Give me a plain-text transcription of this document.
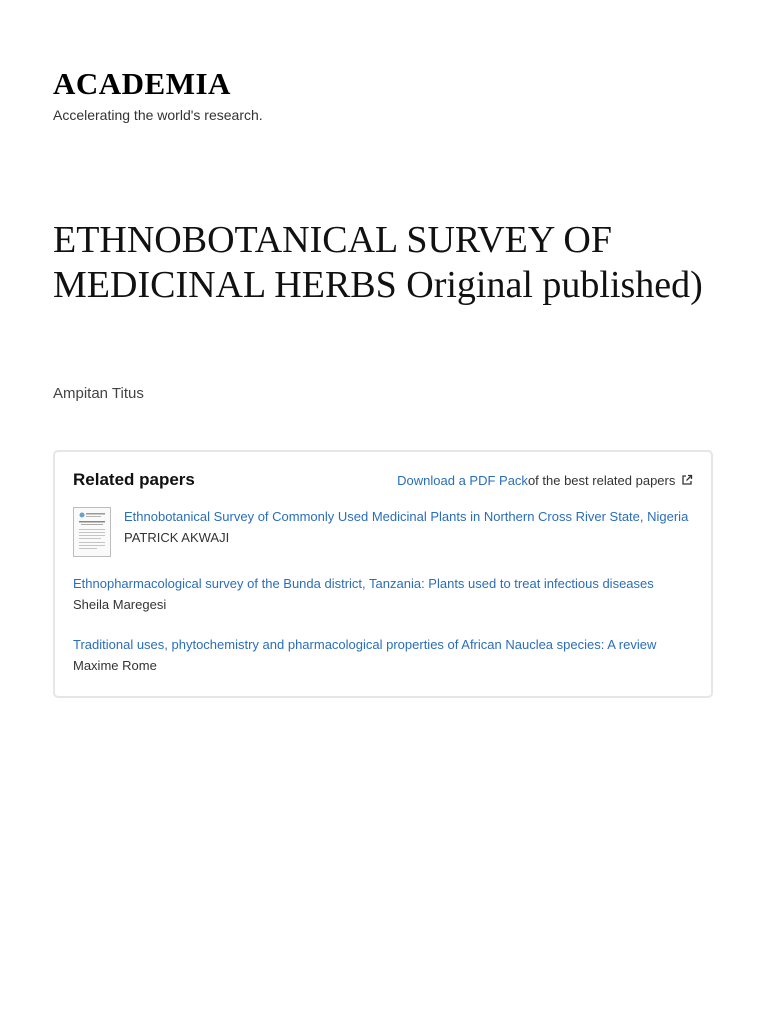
ACADEMIA
Accelerating the world's research.
ETHNOBOTANICAL SURVEY OF MEDICINAL HERBS Original published)
Ampitan Titus
Related papers	Download a PDF Packof the best related papers
Ethnobotanical Survey of Commonly Used Medicinal Plants in Northern Cross River State, Nigeria
PATRICK AKWAJI
Ethnopharmacological survey of the Bunda district, Tanzania: Plants used to treat infectious diseases
Sheila Maregesi
Traditional uses, phytochemistry and pharmacological properties of African Nauclea species: A review
Maxime Rome
